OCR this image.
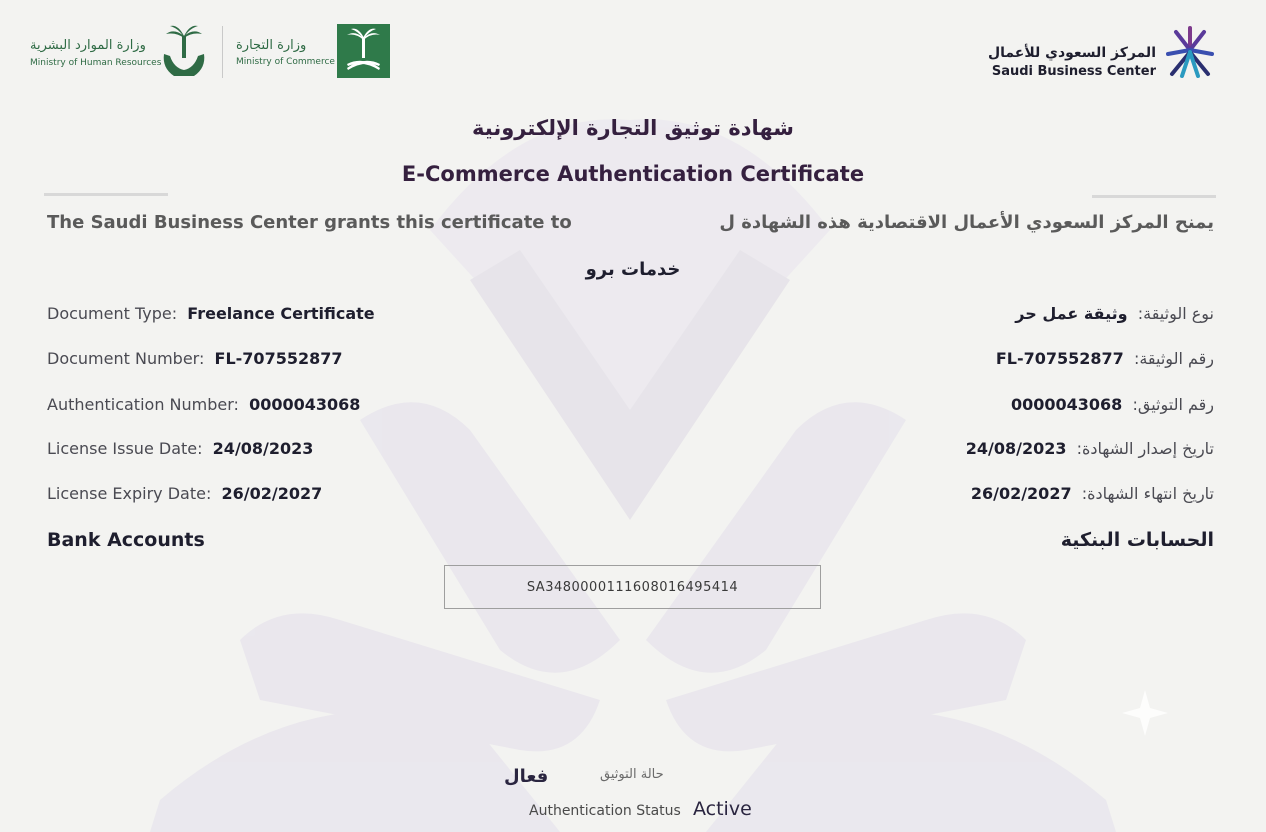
وزارة الموارد البشرية
Ministry of Human Resources
وزارة التجارة
Ministry of Commerce
المركز السعودي للأعمال
Saudi Business Center
شهادة توثيق التجارة الإلكترونية
E-Commerce Authentication Certificate
The Saudi Business Center grants this certificate to	يمنح المركز السعودي الأعمال الاقتصادية هذه الشهادة ل
خدمات برو
Document Type: Freelance Certificate	نوع الوثيقة:  وثيقة عمل حر
Document Number: FL-707552877	رقم الوثيقة:  FL-707552877
Authentication Number: 0000043068	رقم التوثيق:  0000043068
License Issue Date: 24/08/2023	تاريخ إصدار الشهادة:  24/08/2023
License Expiry Date: 26/02/2027	تاريخ انتهاء الشهادة:  26/02/2027
Bank Accounts	الحسابات البنكية
SA3480000111608016495414
حالة التوثيق
فعال
Authentication Status Active
